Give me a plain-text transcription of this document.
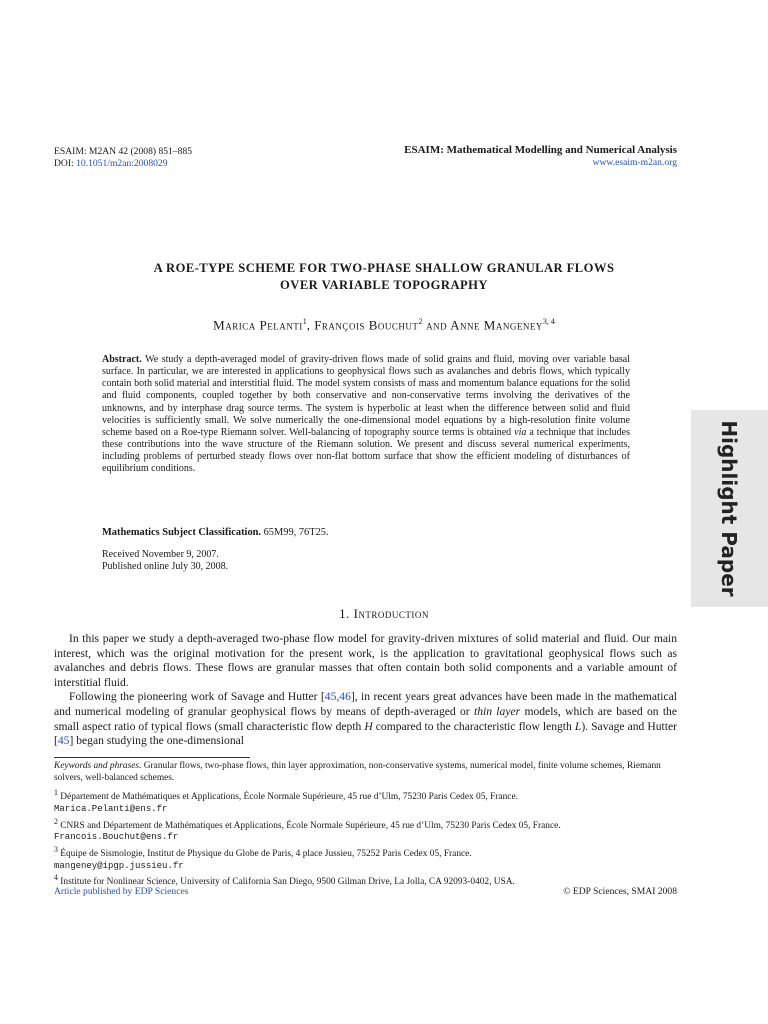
ESAIM: M2AN 42 (2008) 851–885
DOI: 10.1051/m2an:2008029
ESAIM: Mathematical Modelling and Numerical Analysis
www.esaim-m2an.org
A ROE-TYPE SCHEME FOR TWO-PHASE SHALLOW GRANULAR FLOWS
OVER VARIABLE TOPOGRAPHY
Marica Pelanti$^1$, François Bouchut$^2$ and Anne Mangeney$^{3, 4}$
Abstract. We study a depth-averaged model of gravity-driven flows made of solid grains and fluid, moving over variable basal surface. In particular, we are interested in applications to geophysical flows such as avalanches and debris flows, which typically contain both solid material and interstitial fluid. The model system consists of mass and momentum balance equations for the solid and fluid components, coupled together by both conservative and non-conservative terms involving the derivatives of the unknowns, and by interphase drag source terms. The system is hyperbolic at least when the difference between solid and fluid velocities is sufficiently small. We solve numerically the one-dimensional model equations by a high-resolution finite volume scheme based on a Roe-type Riemann solver. Well-balancing of topography source terms is obtained via a technique that includes these contributions into the wave structure of the Riemann solution. We present and discuss several numerical experiments, including problems of perturbed steady flows over non-flat bottom surface that show the efficient modeling of disturbances of equilibrium conditions.
Mathematics Subject Classification. 65M99, 76T25.
Received November 9, 2007.
Published online July 30, 2008.	Highlight Paper
1. Introduction
In this paper we study a depth-averaged two-phase flow model for gravity-driven mixtures of solid material and fluid. Our main interest, which was the original motivation for the present work, is the application to gravitational geophysical flows such as avalanches and debris flows. These flows are granular masses that often contain both solid components and a variable amount of interstitial fluid.
Following the pioneering work of Savage and Hutter [45,46], in recent years great advances have been made in the mathematical and numerical modeling of granular geophysical flows by means of depth-averaged or thin layer models, which are based on the small aspect ratio of typical flows (small characteristic flow depth H compared to the characteristic flow length L). Savage and Hutter [45] began studying the one-dimensional
Keywords and phrases. Granular flows, two-phase flows, thin layer approximation, non-conservative systems, numerical model, finite volume schemes, Riemann solvers, well-balanced schemes.
$^1$ Département de Mathématiques et Applications, École Normale Supérieure, 45 rue d’Ulm, 75230 Paris Cedex 05, France.
Marica.Pelanti@ens.fr
$^2$ CNRS and Département de Mathématiques et Applications, École Normale Supérieure, 45 rue d’Ulm, 75230 Paris Cedex 05, France. Francois.Bouchut@ens.fr
$^3$ Équipe de Sismologie, Institut de Physique du Globe de Paris, 4 place Jussieu, 75252 Paris Cedex 05, France.
mangeney@ipgp.jussieu.fr
$^4$ Institute for Nonlinear Science, University of California San Diego, 9500 Gilman Drive, La Jolla, CA 92093-0402, USA.
Article published by EDP Sciences	© EDP Sciences, SMAI 2008
